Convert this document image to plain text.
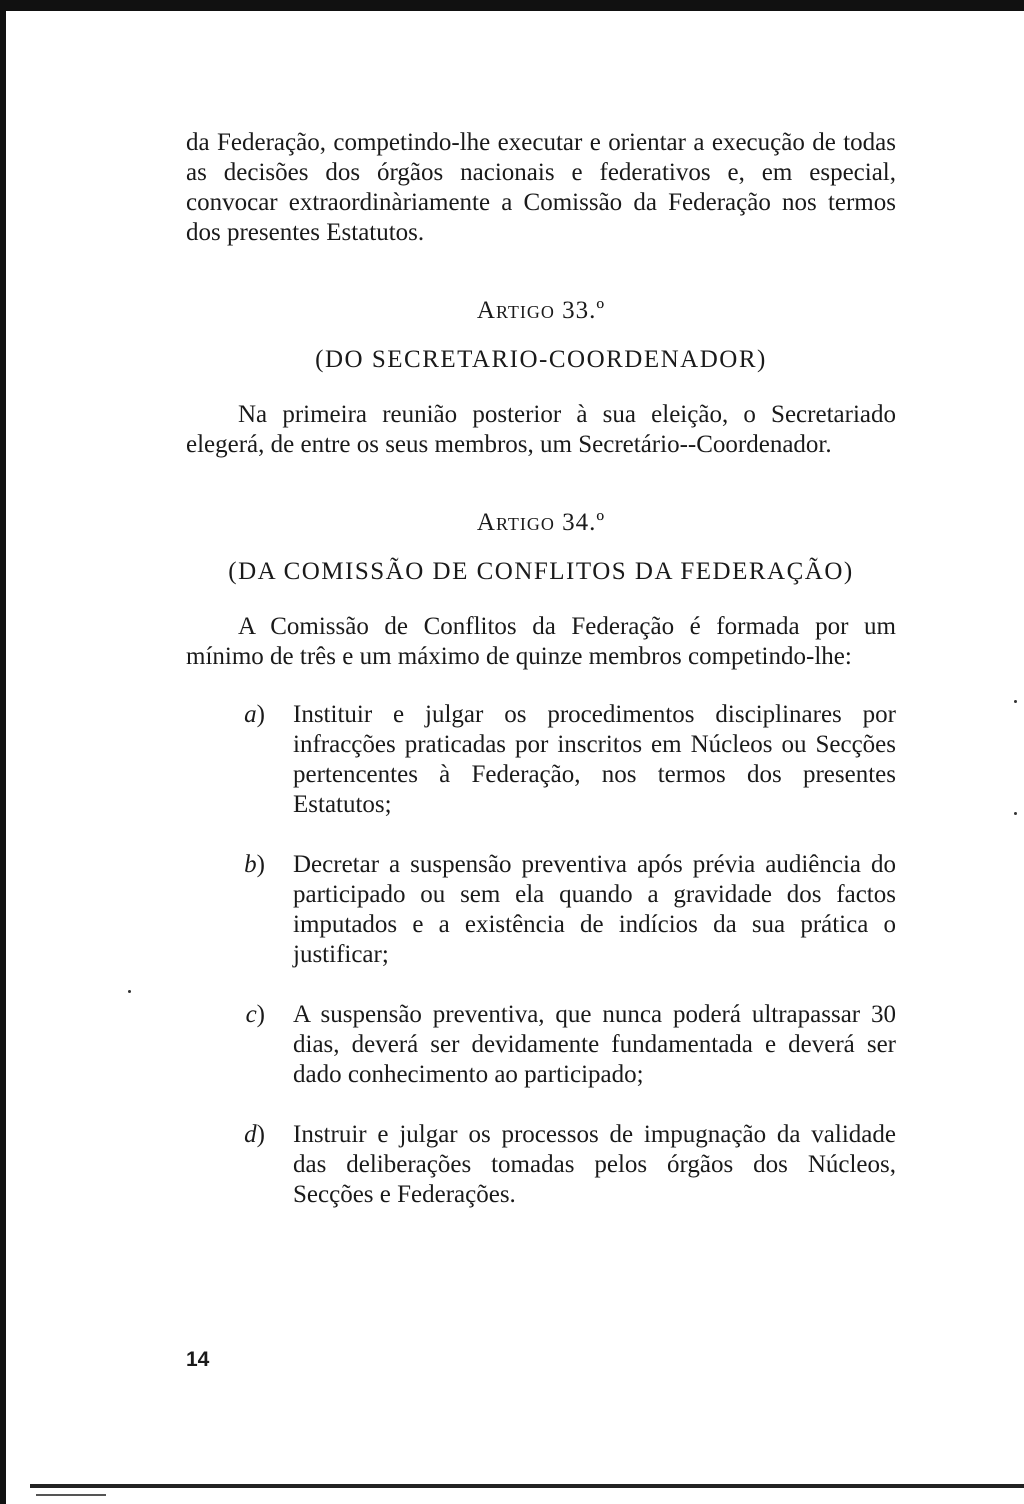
da Federação, competindo-lhe executar e orientar a execução de todas as decisões dos órgãos nacionais e federativos e, em especial, convocar extraordinàriamente a Comissão da Federação nos termos dos presentes Estatutos.

Artigo 33.º

(DO SECRETARIO-COORDENADOR)

Na primeira reunião posterior à sua eleição, o Secretariado elegerá, de entre os seus membros, um Secretário--Coordenador.

Artigo 34.º

(DA COMISSÃO DE CONFLITOS DA FEDERAÇÃO)

A Comissão de Conflitos da Federação é formada por um mínimo de três e um máximo de quinze membros competindo-lhe:

a)	Instituir e julgar os procedimentos disciplinares por infracções praticadas por inscritos em Núcleos ou Secções pertencentes à Federação, nos termos dos presentes Estatutos;
b)	Decretar a suspensão preventiva após prévia audiência do participado ou sem ela quando a gravidade dos factos imputados e a existência de indícios da sua prática o justificar;
c)	A suspensão preventiva, que nunca poderá ultrapassar 30 dias, deverá ser devidamente fundamentada e deverá ser dado conhecimento ao participado;
d)	Instruir e julgar os processos de impugnação da validade das deliberações tomadas pelos órgãos dos Núcleos, Secções e Federações.
14
